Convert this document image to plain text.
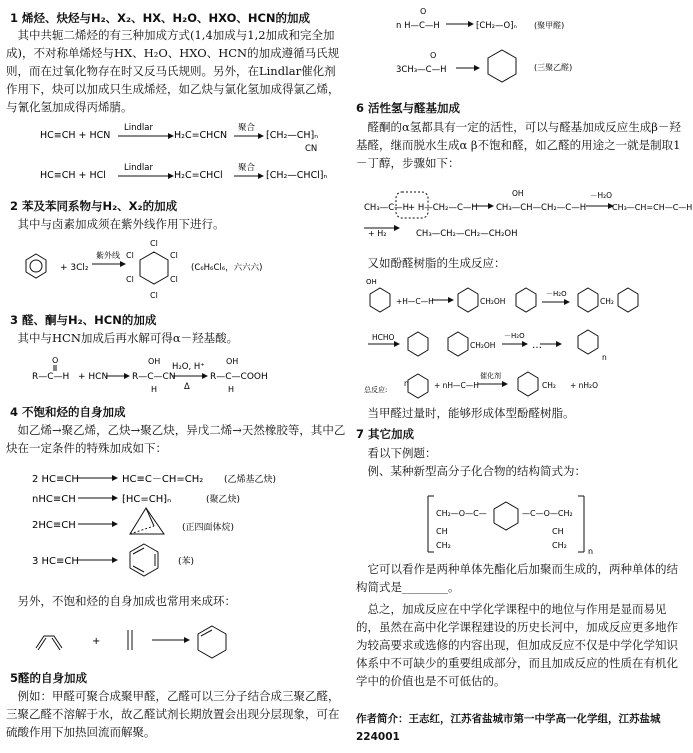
1 烯烃、炔烃与H₂、X₂、HX、H₂O、HXO、HCN的加成
　其中共轭二烯烃的有三种加成方式(1,4加成与1,2加成和完全加成)，不对称单烯烃与HX、H₂O、HXO、HCN的加成遵循马氏规则，而在过氧化物存在时又反马氏规则。另外，在Lindlar催化剂作用下，炔可以加成只生成烯烃，如乙炔与氯化氢加成得氯乙烯，与氰化氢加成得丙烯腈。
HC≡CH + HCN
Lindlar
H₂C=CHCN
聚合
⁅CH₂—CH⁆ₙ
CN
HC≡CH + HCl
Lindlar
H₂C=CHCl
聚合
⁅CH₂—CHCl⁆ₙ
2 苯及苯同系物与H₂、X₂的加成
　其中与卤素加成须在紫外线作用下进行。
+ 3Cl₂
紫外线
Cl
Cl
Cl
Cl
Cl
Cl
(C₆H₆Cl₆，六六六)
3 醛、酮与H₂、HCN的加成
　其中与HCN加成后再水解可得α－羟基酸。
R—C—H
O
+ HCN	R—C—CN
OH
H
H₂O, H⁺
Δ
R—C—COOH
OH
H
4 不饱和烃的自身加成
　如乙烯→聚乙烯，乙炔→聚乙炔，异戊二烯→天然橡胶等，其中乙炔在一定条件的特殊加成如下：
2 HC≡CH	HC≡C－CH=CH₂ (乙烯基乙炔)
nHC≡CH	⁅HC=CH⁆ₙ	(聚乙炔)
2HC≡CH	(正四面体烷)
3 HC≡CH	(苯)
　另外，不饱和烃的自身加成也常用来成环：
+
5醛的自身加成
　例如：甲醛可聚合成聚甲醛，乙醛可以三分子结合成三聚乙醛，三聚乙醛不溶解于水，故乙醛试剂长期放置会出现分层现象，可在硫酸作用下加热回流而解聚。
n H—C—H
O
⁅CH₂—O⁆ₙ (聚甲醛)
3CH₃—C—H
O
(三聚乙醛)
6 活性氢与醛基加成
　醛酮的α氢都具有一定的活性，可以与醛基加成反应生成β－羟基醛，继而脱水生成α β不饱和醛，如乙醛的用途之一就是制取1－丁醇，步骤如下：
CH₃—C—H
+ H—CH₂—C—H CH₃—CH—CH₂—C—H
OH	－H₂O
CH₃—CH=CH—C—H
+ H₂	CH₃—CH₂—CH₂—CH₂OH
　又如酚醛树脂的生成反应：
OH
+H—C—H	CH₂OH
－H₂O
CH₂
HCHO
CH₂OH
－H₂O
…
n
总反应:
n	+ nH—C—H
催化剂
CH₂ + nH₂O
　当甲醛过量时，能够形成体型酚醛树脂。
7 其它加成
　看以下例题：
　例、某种新型高分子化合物的结构简式为：
CH₂—O—C—	—C—O—CH₂
CH
CH₂
CH
CH₂
n
　它可以看作是两种单体先酯化后加聚而生成的，两种单体的结构简式是________。
　总之，加成反应在中学化学课程中的地位与作用是显而易见的，虽然在高中化学课程建设的历史长河中，加成反应更多地作为较高要求或选修的内容出现，但加成反应不仅是中学化学知识体系中不可缺少的重要组成部分，而且加成反应的性质在有机化学中的价值也是不可低估的。
作者简介：王志红，江苏省盐城市第一中学高一化学组，江苏盐城 224001
